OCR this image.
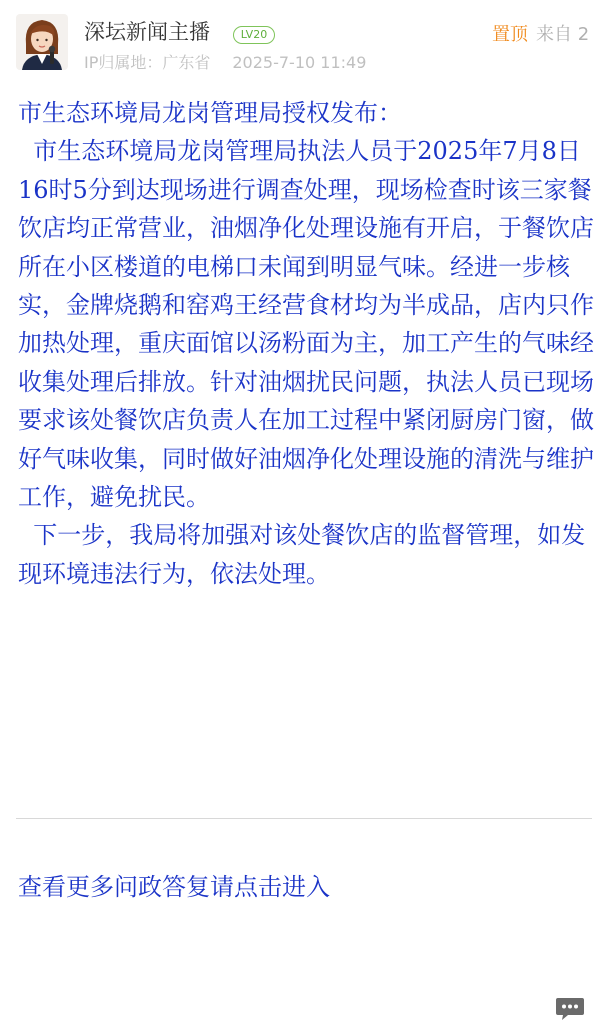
深坛新闻主播	LV20
IP归属地：广东省 2025-7-10 11:49
置顶 来自 2

市生态环境局龙岗管理局授权发布：

市生态环境局龙岗管理局执法人员于2025年7月8日16时5分到达现场进行调查处理，现场检查时该三家餐饮店均正常营业，油烟净化处理设施有开启，于餐饮店所在小区楼道的电梯口未闻到明显气味。经进一步核实，金牌烧鹅和窑鸡王经营食材均为半成品，店内只作加热处理，重庆面馆以汤粉面为主，加工产生的气味经收集处理后排放。针对油烟扰民问题，执法人员已现场要求该处餐饮店负责人在加工过程中紧闭厨房门窗，做好气味收集，同时做好油烟净化处理设施的清洗与维护工作，避免扰民。

下一步，我局将加强对该处餐饮店的监督管理，如发现环境违法行为，依法处理。

查看更多问政答复请点击进入
